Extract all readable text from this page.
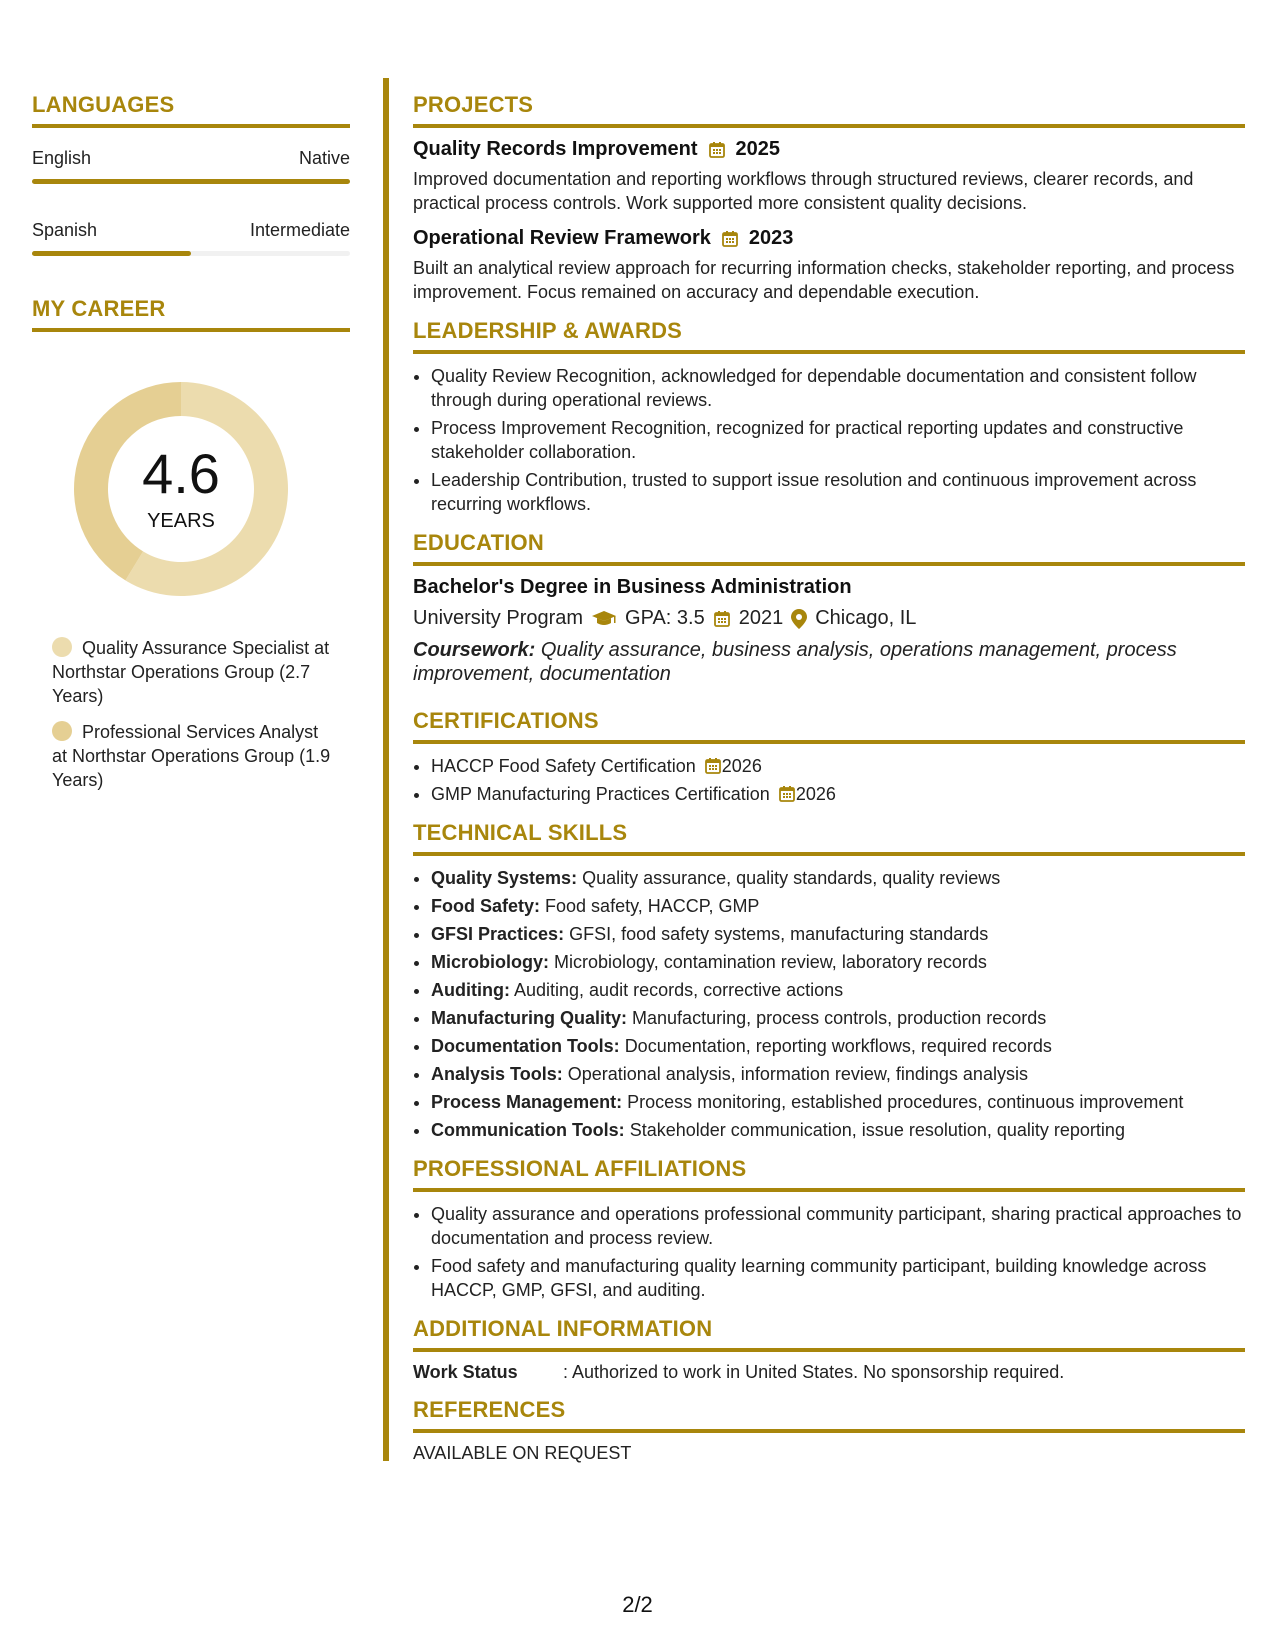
LANGUAGES
English	Native
Spanish	Intermediate
MY CAREER
4.6
YEARS
Quality Assurance Specialist at Northstar Operations Group (2.7 Years)
Professional Services Analyst at Northstar Operations Group (1.9 Years)
PROJECTS
Quality Records Improvement 2025
Improved documentation and reporting workflows through structured reviews, clearer records, and practical process controls. Work supported more consistent quality decisions.
Operational Review Framework 2023
Built an analytical review approach for recurring information checks, stakeholder reporting, and process improvement. Focus remained on accuracy and dependable execution.
LEADERSHIP & AWARDS
• Quality Review Recognition, acknowledged for dependable documentation and consistent follow through during operational reviews.
• Process Improvement Recognition, recognized for practical reporting updates and constructive stakeholder collaboration.
• Leadership Contribution, trusted to support issue resolution and continuous improvement across recurring workflows.
EDUCATION
Bachelor's Degree in Business Administration
University Program GPA: 3.5 2021 Chicago, IL
Coursework: Quality assurance, business analysis, operations management, process improvement, documentation
CERTIFICATIONS
• HACCP Food Safety Certification 2026
• GMP Manufacturing Practices Certification 2026
TECHNICAL SKILLS
• Quality Systems: Quality assurance, quality standards, quality reviews
• Food Safety: Food safety, HACCP, GMP
• GFSI Practices: GFSI, food safety systems, manufacturing standards
• Microbiology: Microbiology, contamination review, laboratory records
• Auditing: Auditing, audit records, corrective actions
• Manufacturing Quality: Manufacturing, process controls, production records
• Documentation Tools: Documentation, reporting workflows, required records
• Analysis Tools: Operational analysis, information review, findings analysis
• Process Management: Process monitoring, established procedures, continuous improvement
• Communication Tools: Stakeholder communication, issue resolution, quality reporting
PROFESSIONAL AFFILIATIONS
• Quality assurance and operations professional community participant, sharing practical approaches to documentation and process review.
• Food safety and manufacturing quality learning community participant, building knowledge across HACCP, GMP, GFSI, and auditing.
ADDITIONAL INFORMATION
Work Status	: Authorized to work in United States. No sponsorship required.
REFERENCES
AVAILABLE ON REQUEST
2/2
